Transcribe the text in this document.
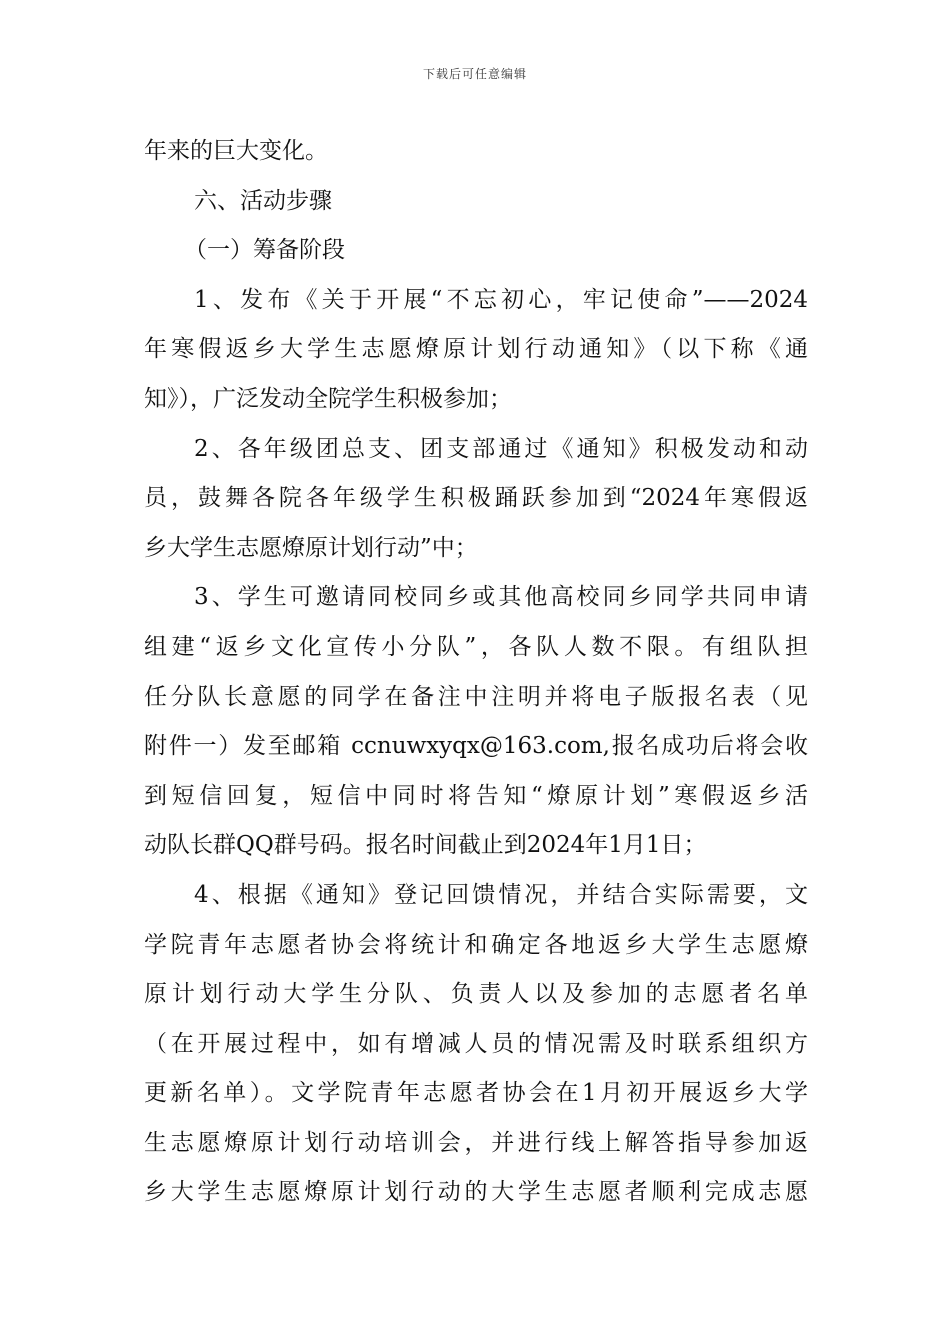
下载后可任意编辑
年来的巨大变化。
六、活动步骤
（一）筹备阶段
1、发布《关于开展“不忘初心，牢记使命”——2024
年寒假返乡大学生志愿燎原计划行动通知》（以下称《通
知》），广泛发动全院学生积极参加；
2、各年级团总支、团支部通过《通知》积极发动和动
员，鼓舞各院各年级学生积极踊跃参加到“2024年寒假返
乡大学生志愿燎原计划行动”中；
3、学生可邀请同校同乡或其他高校同乡同学共同申请
组建“返乡文化宣传小分队”，各队人数不限。有组队担
任分队长意愿的同学在备注中注明并将电子版报名表（见
附件一）发至邮箱 ccnuwxyqx@163.com,报名成功后将会收
到短信回复，短信中同时将告知“燎原计划”寒假返乡活
动队长群QQ群号码。报名时间截止到2024年1月1日；
4、根据《通知》登记回馈情况，并结合实际需要，文
学院青年志愿者协会将统计和确定各地返乡大学生志愿燎
原计划行动大学生分队、负责人以及参加的志愿者名单
（在开展过程中，如有增减人员的情况需及时联系组织方
更新名单）。文学院青年志愿者协会在1月初开展返乡大学
生志愿燎原计划行动培训会，并进行线上解答指导参加返
乡大学生志愿燎原计划行动的大学生志愿者顺利完成志愿
